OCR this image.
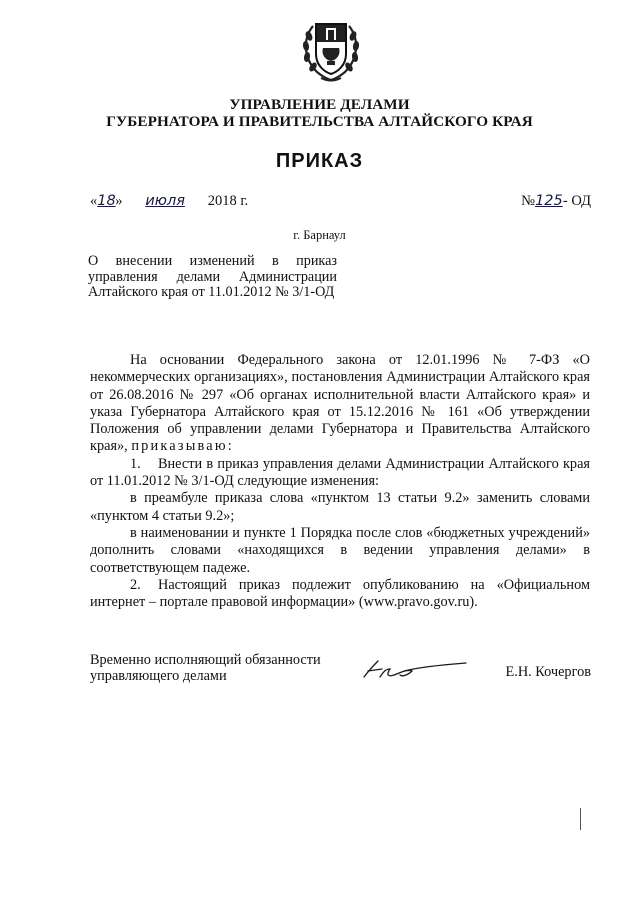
УПРАВЛЕНИЕ ДЕЛАМИ
ГУБЕРНАТОРА И ПРАВИТЕЛЬСТВА АЛТАЙСКОГО КРАЯ
ПРИКАЗ
«18» июля 2018 г.	№125- ОД
г. Барнаул
О внесении изменений в приказ управления делами Администрации Алтайского края от 11.01.2012 № 3/1-ОД

На основании Федерального закона от 12.01.1996 № 7-ФЗ «О некоммерческих организациях», постановления Администрации Алтайского края от 26.08.2016 № 297 «Об органах исполнительной власти Алтайского края» и указа Губернатора Алтайского края от 15.12.2016 № 161 «Об утверждении Положения об управлении делами Губернатора и Правительства Алтайского края», приказываю:

1. Внести в приказ управления делами Администрации Алтайского края от 11.01.2012 № 3/1-ОД следующие изменения:

в преамбуле приказа слова «пунктом 13 статьи 9.2» заменить словами «пунктом 4 статьи 9.2»;

в наименовании и пункте 1 Порядка после слов «бюджетных учреждений» дополнить словами «находящихся в ведении управления делами» в соответствующем падеже.

2. Настоящий приказ подлежит опубликованию на «Официальном интернет – портале правовой информации» (www.pravo.gov.ru).

Временно исполняющий обязанности
управляющего делами	Е.Н. Кочергов
